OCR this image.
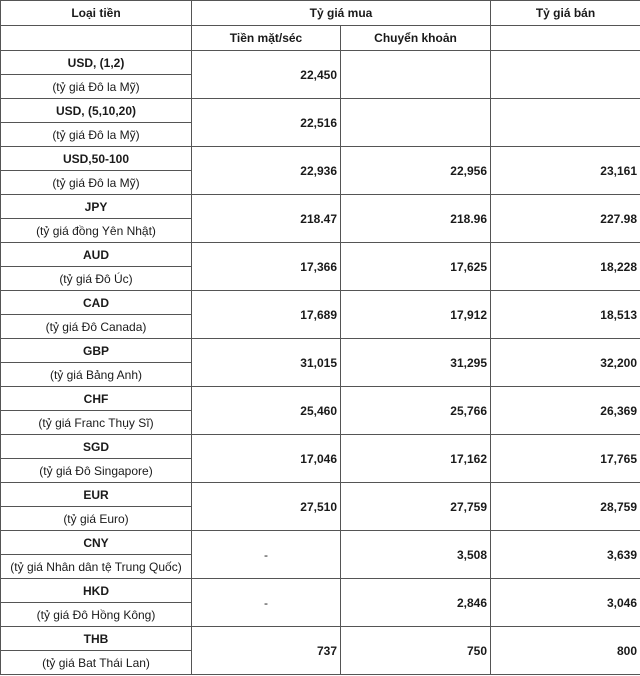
Loại tiền	Tỷ giá mua		Tỷ giá bán
	Tiền mặt/séc	Chuyển khoản	
USD, (1,2)	22,450		
(tỷ giá Đô la Mỹ)			
USD, (5,10,20)	22,516		
(tỷ giá Đô la Mỹ)			
USD,50-100	22,936	22,956	23,161
(tỷ giá Đô la Mỹ)			
JPY	218.47	218.96	227.98
(tỷ giá đồng Yên Nhật)			
AUD	17,366	17,625	18,228
(tỷ giá Đô Úc)			
CAD	17,689	17,912	18,513
(tỷ giá Đô Canada)			
GBP	31,015	31,295	32,200
(tỷ giá Bảng Anh)			
CHF	25,460	25,766	26,369
(tỷ giá Franc Thụy Sĩ)			
SGD	17,046	17,162	17,765
(tỷ giá Đô Singapore)			
EUR	27,510	27,759	28,759
(tỷ giá Euro)			
CNY	-	3,508	3,639
(tỷ giá Nhân dân tệ Trung Quốc)			
HKD	-	2,846	3,046
(tỷ giá Đô Hồng Kông)			
THB	737	750	800
(tỷ giá Bat Thái Lan)			
